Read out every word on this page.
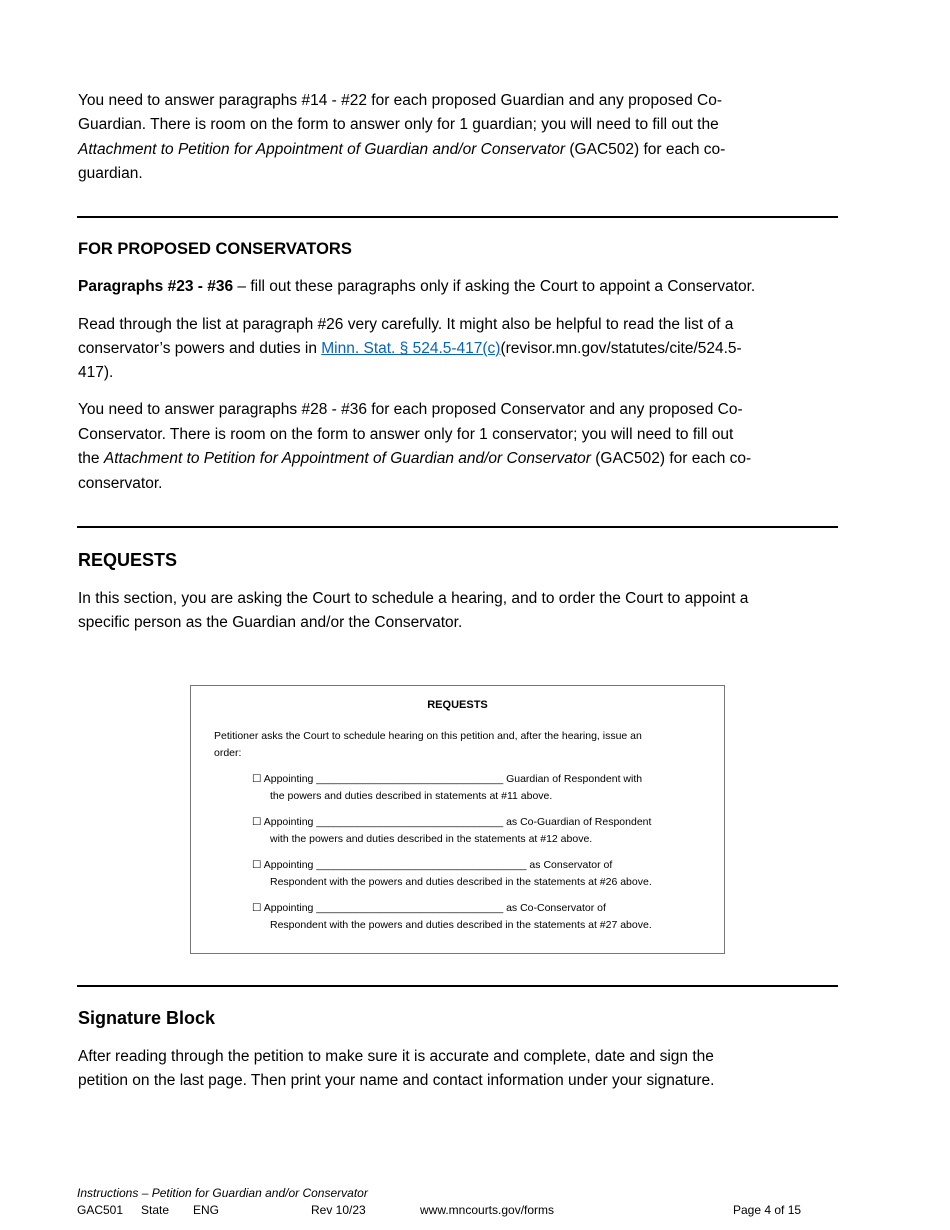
You need to answer paragraphs #14 - #22 for each proposed Guardian and any proposed Co-
Guardian. There is room on the form to answer only for 1 guardian; you will need to fill out the
Attachment to Petition for Appointment of Guardian and/or Conservator (GAC502) for each co-
guardian.
FOR PROPOSED CONSERVATORS
Paragraphs #23 - #36 – fill out these paragraphs only if asking the Court to appoint a Conservator.
Read through the list at paragraph #26 very carefully. It might also be helpful to read the list of a
conservator’s powers and duties in Minn. Stat. § 524.5-417(c)(revisor.mn.gov/statutes/cite/524.5-
417).
You need to answer paragraphs #28 - #36 for each proposed Conservator and any proposed Co-
Conservator. There is room on the form to answer only for 1 conservator; you will need to fill out
the Attachment to Petition for Appointment of Guardian and/or Conservator (GAC502) for each co-
conservator.
REQUESTS
In this section, you are asking the Court to schedule a hearing, and to order the Court to appoint a
specific person as the Guardian and/or the Conservator.
REQUESTS
Petitioner asks the Court to schedule hearing on this petition and, after the hearing, issue an
order:
☐ Appointing ________________________________ Guardian of Respondent with
the powers and duties described in statements at #11 above.
☐ Appointing ________________________________ as Co-Guardian of Respondent
with the powers and duties described in the statements at #12 above.
☐ Appointing ____________________________________ as Conservator of
Respondent with the powers and duties described in the statements at #26 above.
☐ Appointing ________________________________ as Co-Conservator of
Respondent with the powers and duties described in the statements at #27 above.
Signature Block
After reading through the petition to make sure it is accurate and complete, date and sign the
petition on the last page. Then print your name and contact information under your signature.
Instructions – Petition for Guardian and/or Conservator
GAC501 State ENG	Rev 10/23	www.mncourts.gov/forms	Page 4 of 15
